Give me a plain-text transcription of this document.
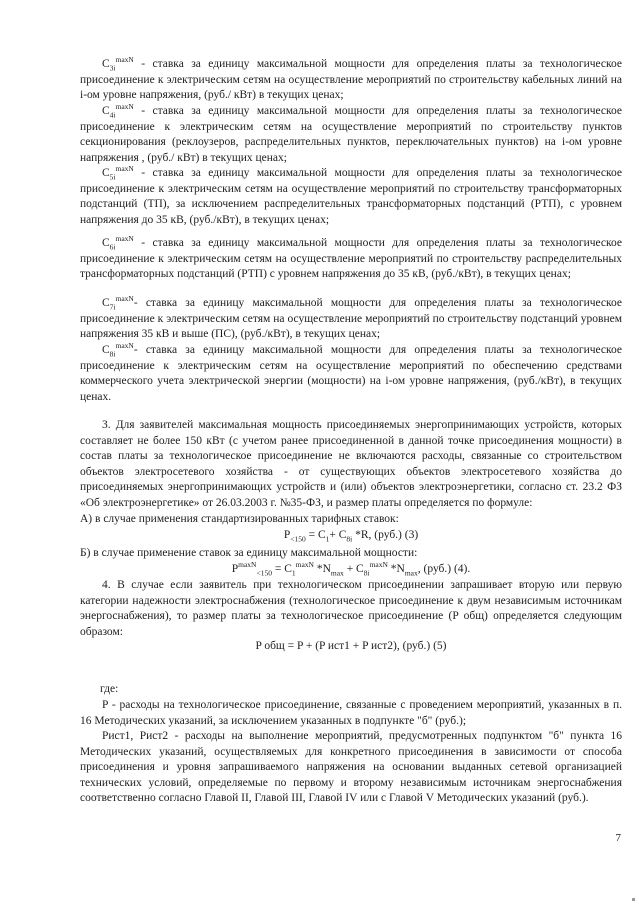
$C_{3i}^{maxN}$ - ставка за единицу максимальной мощности для определения платы за технологическое присоединение к электрическим сетям на осуществление мероприятий по строительству кабельных линий на i-ом уровне напряжения, (руб./ кВт) в текущих ценах;

$C_{4i}^{maxN}$ - ставка за единицу максимальной мощности для определения платы за технологическое присоединение к электрическим сетям на осуществление мероприятий по строительству пунктов секционирования (реклоузеров, распределительных пунктов, переключательных пунктов) на i-ом уровне напряжения , (руб./ кВт) в текущих ценах;

$C_{5i}^{maxN}$ - ставка за единицу максимальной мощности для определения платы за технологическое присоединение к электрическим сетям на осуществление мероприятий по строительству трансформаторных подстанций (ТП), за исключением распределительных трансформаторных подстанций (РТП), с уровнем напряжения до 35 кВ, (руб./кВт), в текущих ценах;

$C_{6i}^{maxN}$ - ставка за единицу максимальной мощности для определения платы за технологическое присоединение к электрическим сетям на осуществление мероприятий по строительству распределительных трансформаторных подстанций (РТП) с уровнем напряжения до 35 кВ, (руб./кВт), в текущих ценах;

$C_{7i}^{maxN}-$ ставка за единицу максимальной мощности для определения платы за технологическое присоединение к электрическим сетям на осуществление мероприятий по строительству подстанций уровнем напряжения 35 кВ и выше (ПС), (руб./кВт), в текущих ценах;

$C_{8i}^{maxN}-$ ставка за единицу максимальной мощности для определения платы за технологическое присоединение к электрическим сетям на осуществление мероприятий по обеспечению средствами коммерческого учета электрической энергии (мощности) на i-ом уровне напряжения, (руб./кВт), в текущих ценах.

3. Для заявителей максимальная мощность присоединяемых энергопринимающих устройств, которых составляет не более 150 кВт (с учетом ранее присоединенной в данной точке присоединения мощности) в состав платы за технологическое присоединение не включаются расходы, связанные со строительством объектов электросетевого хозяйства - от существующих объектов электросетевого хозяйства до присоединяемых энергопринимающих устройств и (или) объектов электроэнергетики, согласно ст. 23.2 ФЗ «Об электроэнергетике» от 26.03.2003 г. №35-ФЗ, и размер платы определяется по формуле:

А) в случае применения стандартизированных тарифных ставок:

$P_{<150} = C_1+ C_{8i}$ *R, (руб.) (3)

Б) в случае применение ставок за единицу максимальной мощности:

$P^{maxN}_{<150} = C_1^{maxN}$ $*N_{max} + C_{8i}^{maxN}$ $*N_{max}$, (руб.) (4).

4. В случае если заявитель при технологическом присоединении запрашивает вторую или первую категории надежности электроснабжения (технологическое присоединение к двум независимым источникам энергоснабжения), то размер платы за технологическое присоединение (P общ) определяется следующим образом:

P общ = P + (P ист1 + P ист2), (руб.) (5)

где:

P - расходы на технологическое присоединение, связанные с проведением мероприятий, указанных в п. 16 Методических указаний, за исключением указанных в подпункте "б" (руб.);

Pист1, Pист2 - расходы на выполнение мероприятий, предусмотренных подпунктом "б" пункта 16 Методических указаний, осуществляемых для конкретного присоединения в зависимости от способа присоединения и уровня запрашиваемого напряжения на основании выданных сетевой организацией технических условий, определяемые по первому и второму независимым источникам энергоснабжения соответственно согласно Главой II, Главой III, Главой IV или с Главой V Методических указаний (руб.).

7
